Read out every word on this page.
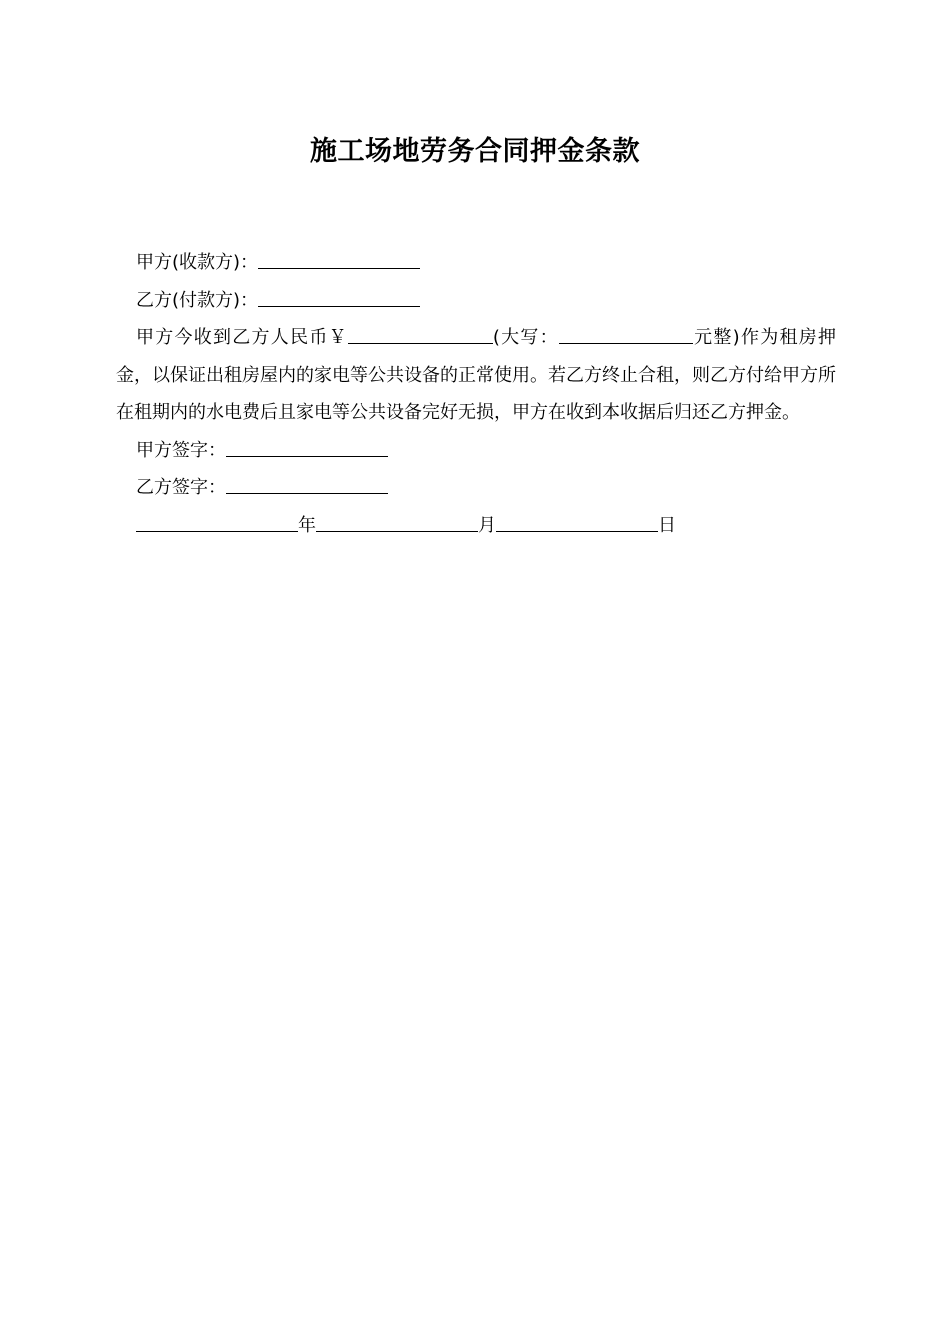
施工场地劳务合同押金条款

甲方(收款方)：

乙方(付款方)：

甲方今收到乙方人民币￥	(大写：	元整)作为租房押金，以保证出租房屋内的家电等公共设备的正常使用。若乙方终止合租，则乙方付给甲方所在租期内的水电费后且家电等公共设备完好无损，甲方在收到本收据后归还乙方押金。

甲方签字：

乙方签字：

年	月	日
